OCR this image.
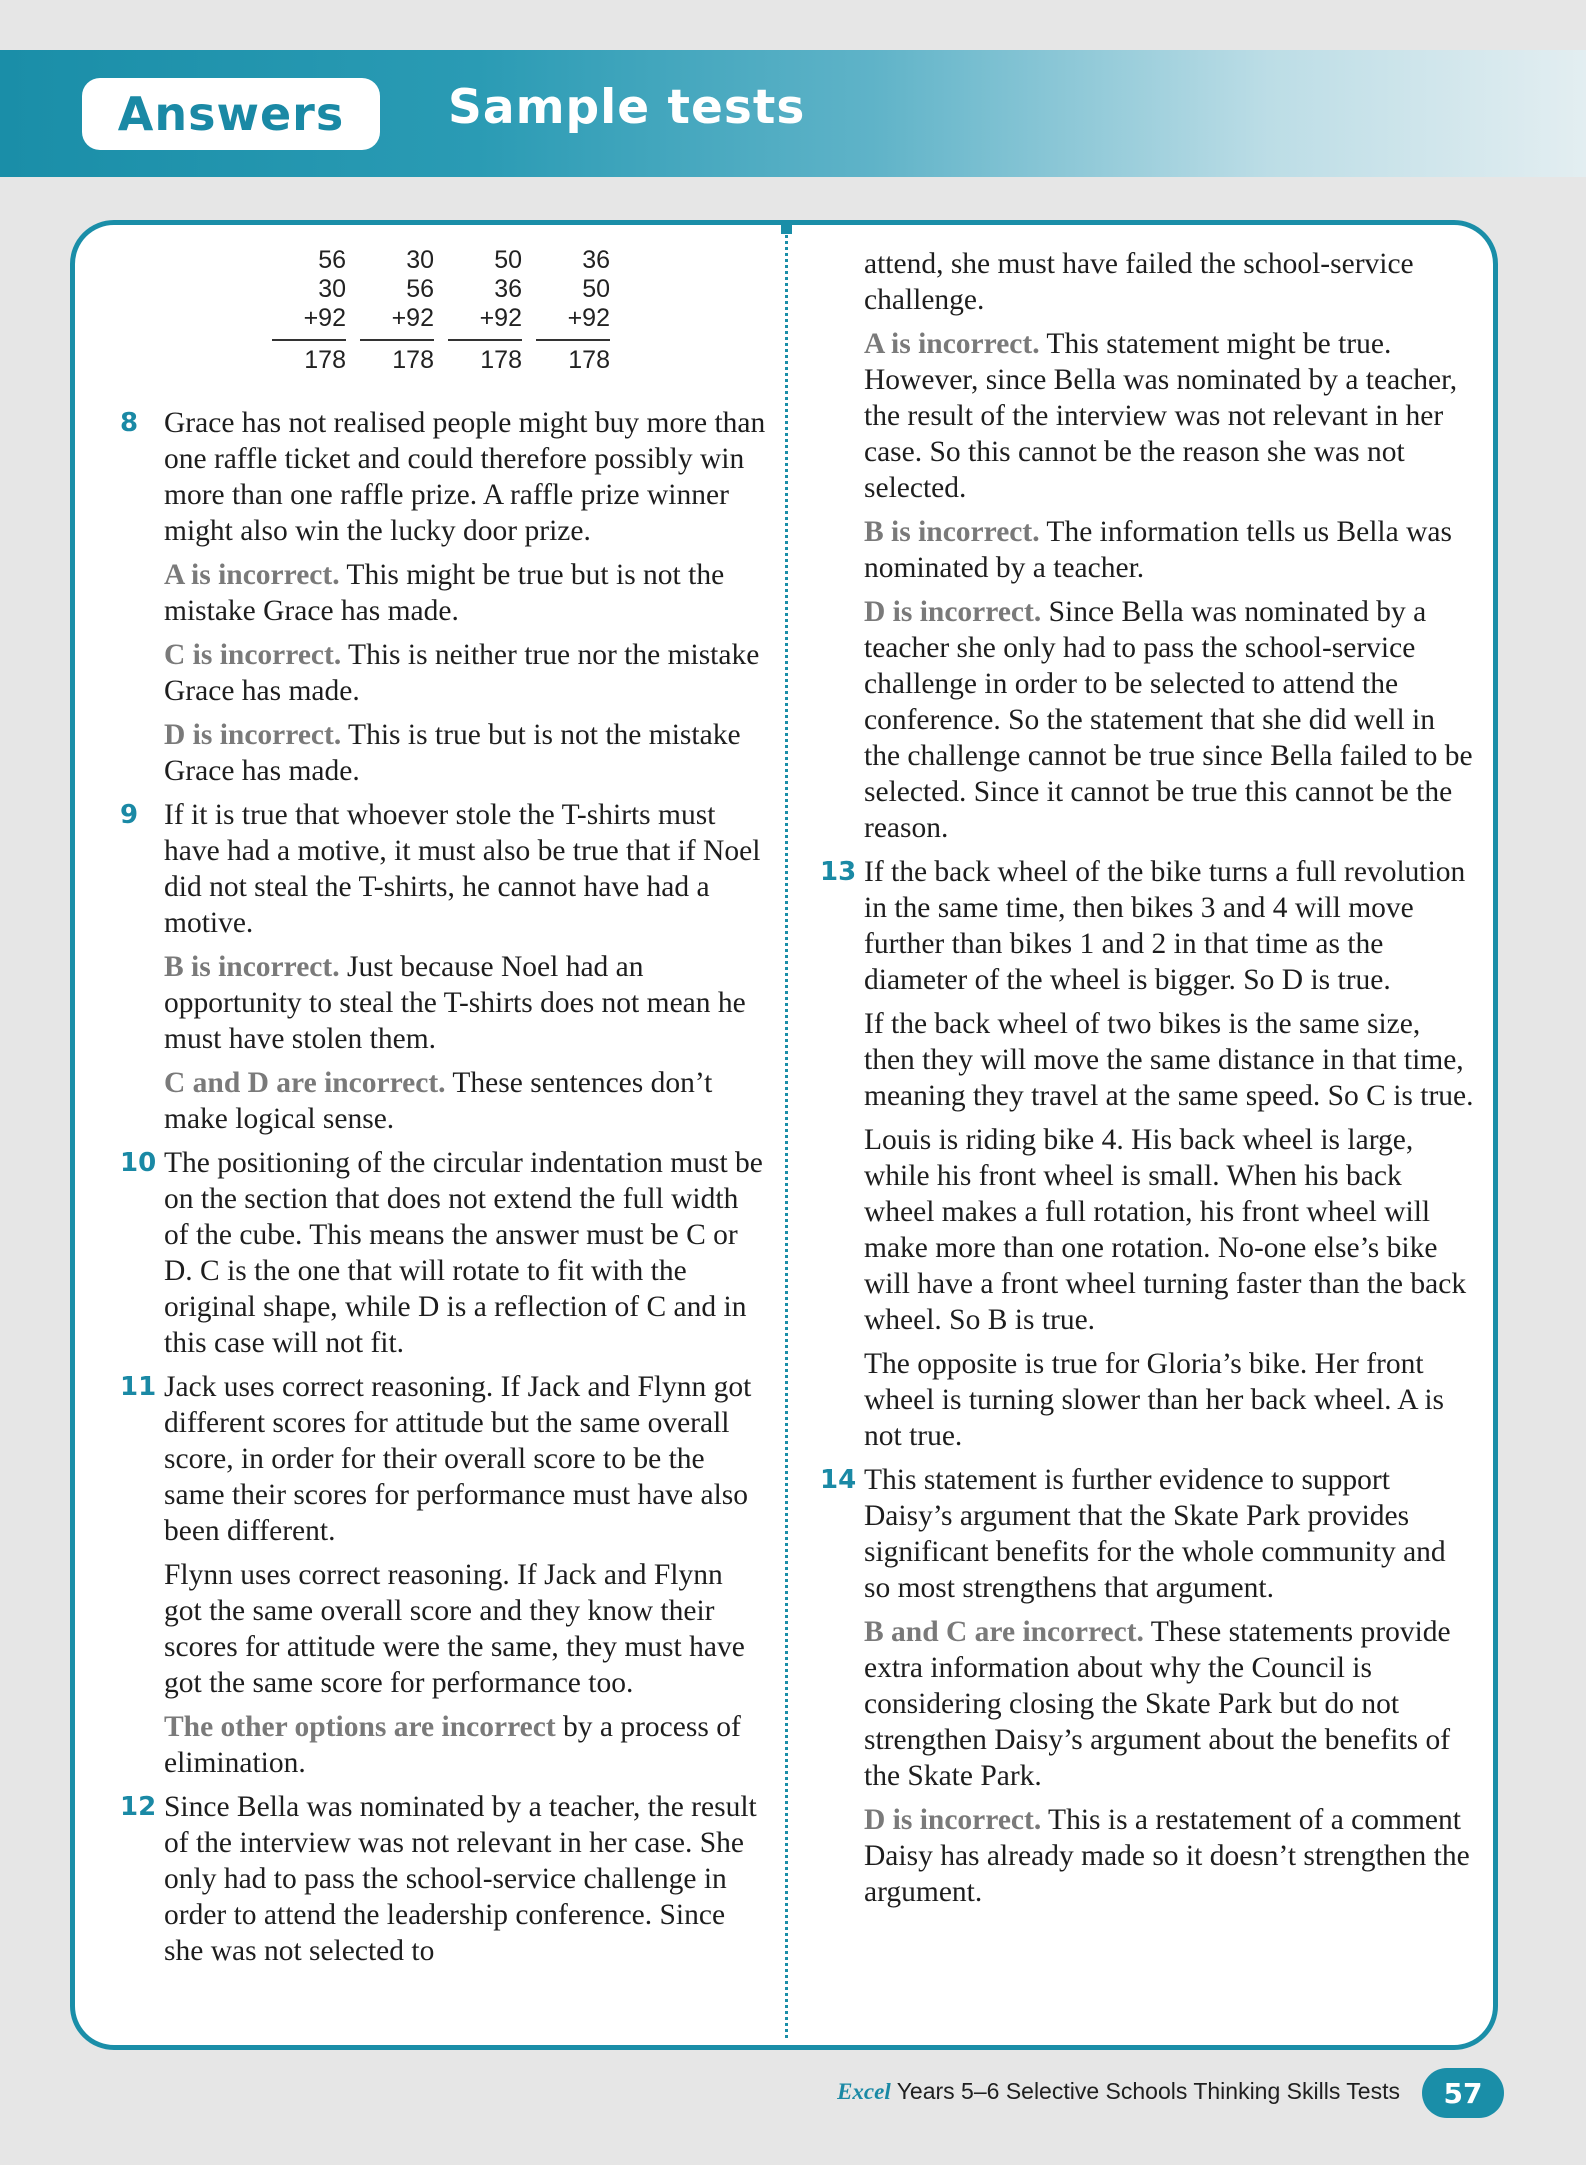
Answers Sample tests
56
30
+92
178
30
56
+92
178
50
36
+92
178
36
50
+92
178
8 Grace has not realised people might buy more than one raffle ticket and could therefore possibly win more than one raffle prize. A raffle prize winner might also win the lucky door prize.

A is incorrect. This might be true but is not the mistake Grace has made.

C is incorrect. This is neither true nor the mistake Grace has made.

D is incorrect. This is true but is not the mistake Grace has made.

9 If it is true that whoever stole the T-shirts must have had a motive, it must also be true that if Noel did not steal the T-shirts, he cannot have had a motive.

B is incorrect. Just because Noel had an opportunity to steal the T-shirts does not mean he must have stolen them.

C and D are incorrect. These sentences don’t make logical sense.

10 The positioning of the circular indentation must be on the section that does not extend the full width of the cube. This means the answer must be C or D. C is the one that will rotate to fit with the original shape, while D is a reflection of C and in this case will not fit.

11 Jack uses correct reasoning. If Jack and Flynn got different scores for attitude but the same overall score, in order for their overall score to be the same their scores for performance must have also been different.

Flynn uses correct reasoning. If Jack and Flynn got the same overall score and they know their scores for attitude were the same, they must have got the same score for performance too.

The other options are incorrect by a process of elimination.

12 Since Bella was nominated by a teacher, the result of the interview was not relevant in her case. She only had to pass the school-service challenge in order to attend the leadership conference. Since she was not selected to

attend, she must have failed the school-service challenge.

A is incorrect. This statement might be true. However, since Bella was nominated by a teacher, the result of the interview was not relevant in her case. So this cannot be the reason she was not selected.

B is incorrect. The information tells us Bella was nominated by a teacher.

D is incorrect. Since Bella was nominated by a teacher she only had to pass the school-service challenge in order to be selected to attend the conference. So the statement that she did well in the challenge cannot be true since Bella failed to be selected. Since it cannot be true this cannot be the reason.

13 If the back wheel of the bike turns a full revolution in the same time, then bikes 3 and 4 will move further than bikes 1 and 2 in that time as the diameter of the wheel is bigger. So D is true.

If the back wheel of two bikes is the same size, then they will move the same distance in that time, meaning they travel at the same speed. So C is true.

Louis is riding bike 4. His back wheel is large, while his front wheel is small. When his back wheel makes a full rotation, his front wheel will make more than one rotation. No-one else’s bike will have a front wheel turning faster than the back wheel. So B is true.

The opposite is true for Gloria’s bike. Her front wheel is turning slower than her back wheel. A is not true.

14 This statement is further evidence to support Daisy’s argument that the Skate Park provides significant benefits for the whole community and so most strengthens that argument.

B and C are incorrect. These statements provide extra information about why the Council is considering closing the Skate Park but do not strengthen Daisy’s argument about the benefits of the Skate Park.

D is incorrect. This is a restatement of a comment Daisy has already made so it doesn’t strengthen the argument.

Excel Years 5–6 Selective Schools Thinking Skills Tests	57
